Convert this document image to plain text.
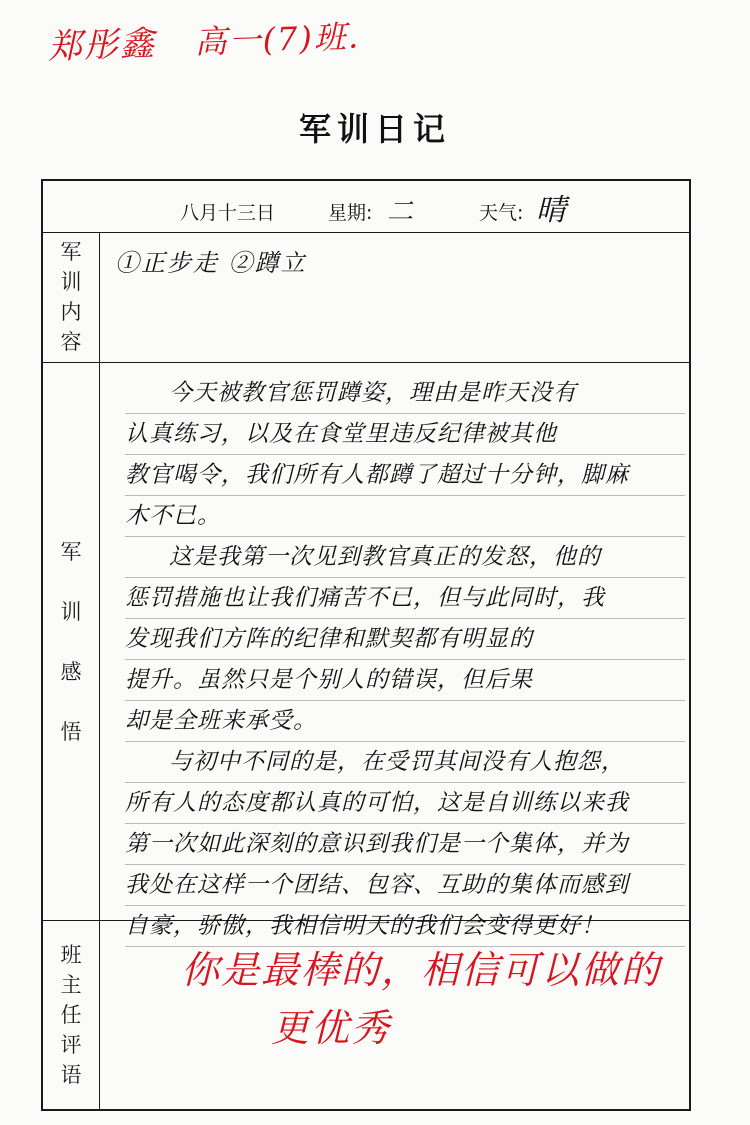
郑彤鑫 高一(7)班.
军训日记
八月十三日	星期: 二	天气: 晴
军
训
内
容
①正步走 ②蹲立
军
训
感
悟

今天被教官惩罚蹲姿，理由是昨天没有

认真练习，以及在食堂里违反纪律被其他

教官喝令，我们所有人都蹲了超过十分钟，脚麻

木不已。

这是我第一次见到教官真正的发怒，他的

惩罚措施也让我们痛苦不已，但与此同时，我

发现我们方阵的纪律和默契都有明显的

提升。虽然只是个别人的错误，但后果

却是全班来承受。

与初中不同的是，在受罚其间没有人抱怨，

所有人的态度都认真的可怕，这是自训练以来我

第一次如此深刻的意识到我们是一个集体，并为

我处在这样一个团结、包容、互助的集体而感到

自豪，骄傲，我相信明天的我们会变得更好！

班
主
任
评
语
你是最棒的，相信可以做的
更优秀
